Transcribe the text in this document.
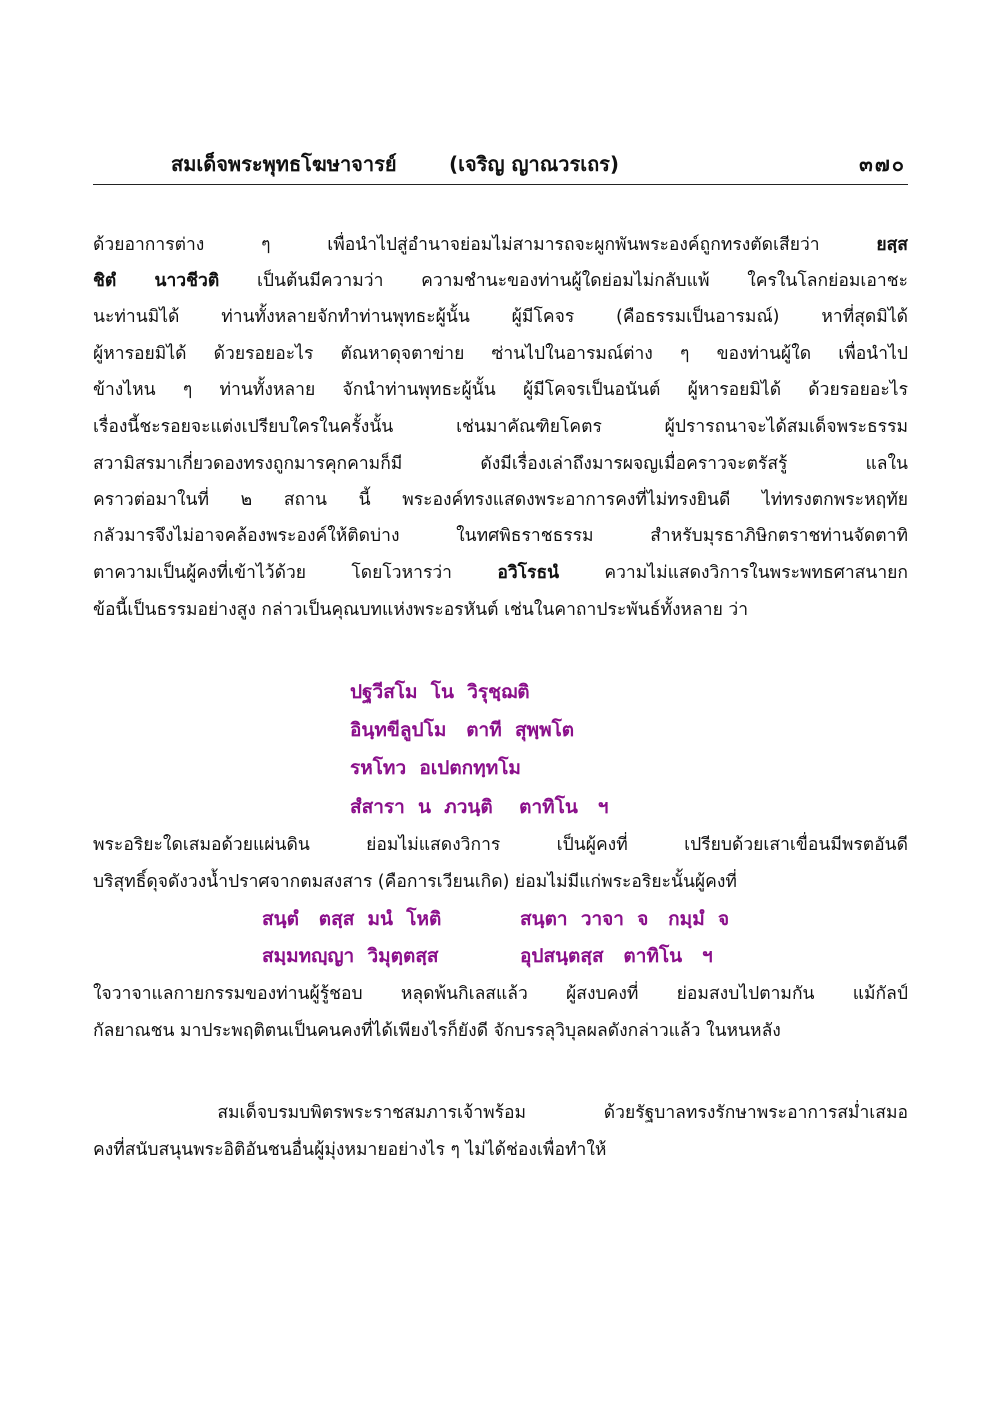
สมเด็จพระพุทธโฆษาจารย์	(เจริญ ญาณวรเถร)	๓๗๐
ด้วยอาการต่าง ๆ เพื่อนำไปสู่อำนาจย่อมไม่สามารถจะผูกพันพระองค์ถูกทรงตัดเสียว่า ยสฺส
ชิตํ นาวชีวติ เป็นต้นมีความว่า ความชำนะของท่านผู้ใดย่อมไม่กลับแพ้ ใครในโลกย่อมเอาชะ
นะท่านมิได้ ท่านทั้งหลายจักทำท่านพุทธะผู้นั้น ผู้มีโคจร (คือธรรมเป็นอารมณ์) หาที่สุดมิได้
ผู้หารอยมิได้ ด้วยรอยอะไร ตัณหาดุจตาข่าย ซ่านไปในอารมณ์ต่าง ๆ ของท่านผู้ใด เพื่อนำไป
ข้างไหน ๆ ท่านทั้งหลาย จักนำท่านพุทธะผู้นั้น ผู้มีโคจรเป็นอนันต์ ผู้หารอยมิได้ ด้วยรอยอะไร
เรื่องนี้ชะรอยจะแต่งเปรียบใครในครั้งนั้น เช่นมาคัณฑิยโคตร ผู้ปรารถนาจะได้สมเด็จพระธรรม
สวามิสรมาเกี่ยวดองทรงถูกมารคุกคามก็มี ดังมีเรื่องเล่าถึงมารผจญเมื่อคราวจะตรัสรู้ แลใน
คราวต่อมาในที่ ๒ สถาน นี้ พระองค์ทรงแสดงพระอาการคงที่ไม่ทรงยินดี ไท่ทรงตกพระหฤทัย
กลัวมารจึงไม่อาจคล้องพระองค์ให้ติดบ่าง ในทศพิธราชธรรม สำหรับมุรธาภิษิกตราชท่านจัดตาทิ
ตาความเป็นผู้คงที่เข้าไว้ด้วย โดยโวหารว่า อวิโรธนํ ความไม่แสดงวิการในพระพทธศาสนายก
ข้อนี้เป็นธรรมอย่างสูง กล่าวเป็นคุณบทแห่งพระอรหันต์ เช่นในคาถาประพันธ์ทั้งหลาย ว่า
ปฐวีสโม  โน  วิรุชฺฌติ
อินฺทขีลูปโม   ตาที  สุพฺพโต
รหโทว  อเปตกทฺทโม
สํสารา  น  ภวนฺติ    ตาทิโน   ฯ
พระอริยะใดเสมอด้วยแผ่นดิน ย่อมไม่แสดงวิการ เป็นผู้คงที่ เปรียบด้วยเสาเขื่อนมีพรตอันดี
บริสุทธิ์ดุจดังวงน้ำปราศจากตมสงสาร (คือการเวียนเกิด) ย่อมไม่มีแก่พระอริยะนั้นผู้คงที่
สนฺตํ   ตสฺส  มนํ  โหติ	สนฺตา  วาจา  จ   กมฺมํ  จ
สมฺมทญฺญา  วิมุตฺตสฺส	อุปสนฺตสฺส   ตาทิโน   ฯ
ใจวาจาแลกายกรรมของท่านผู้รู้ชอบ หลุดพ้นกิเลสแล้ว ผู้สงบคงที่ ย่อมสงบไปตามกัน แม้กัลป์
กัลยาณชน มาประพฤติตนเป็นคนคงที่ได้เพียงไรก็ยังดี จักบรรลุวิบุลผลดังกล่าวแล้ว ในหนหลัง
สมเด็จบรมบพิตรพระราชสมภารเจ้าพร้อม     ด้วยรัฐบาลทรงรักษาพระอาการสม่ำเสมอ
คงที่สนับสนุนพระอิติอันชนอื่นผู้มุ่งหมายอย่างไร ๆ ไม่ได้ช่องเพื่อทำให้
